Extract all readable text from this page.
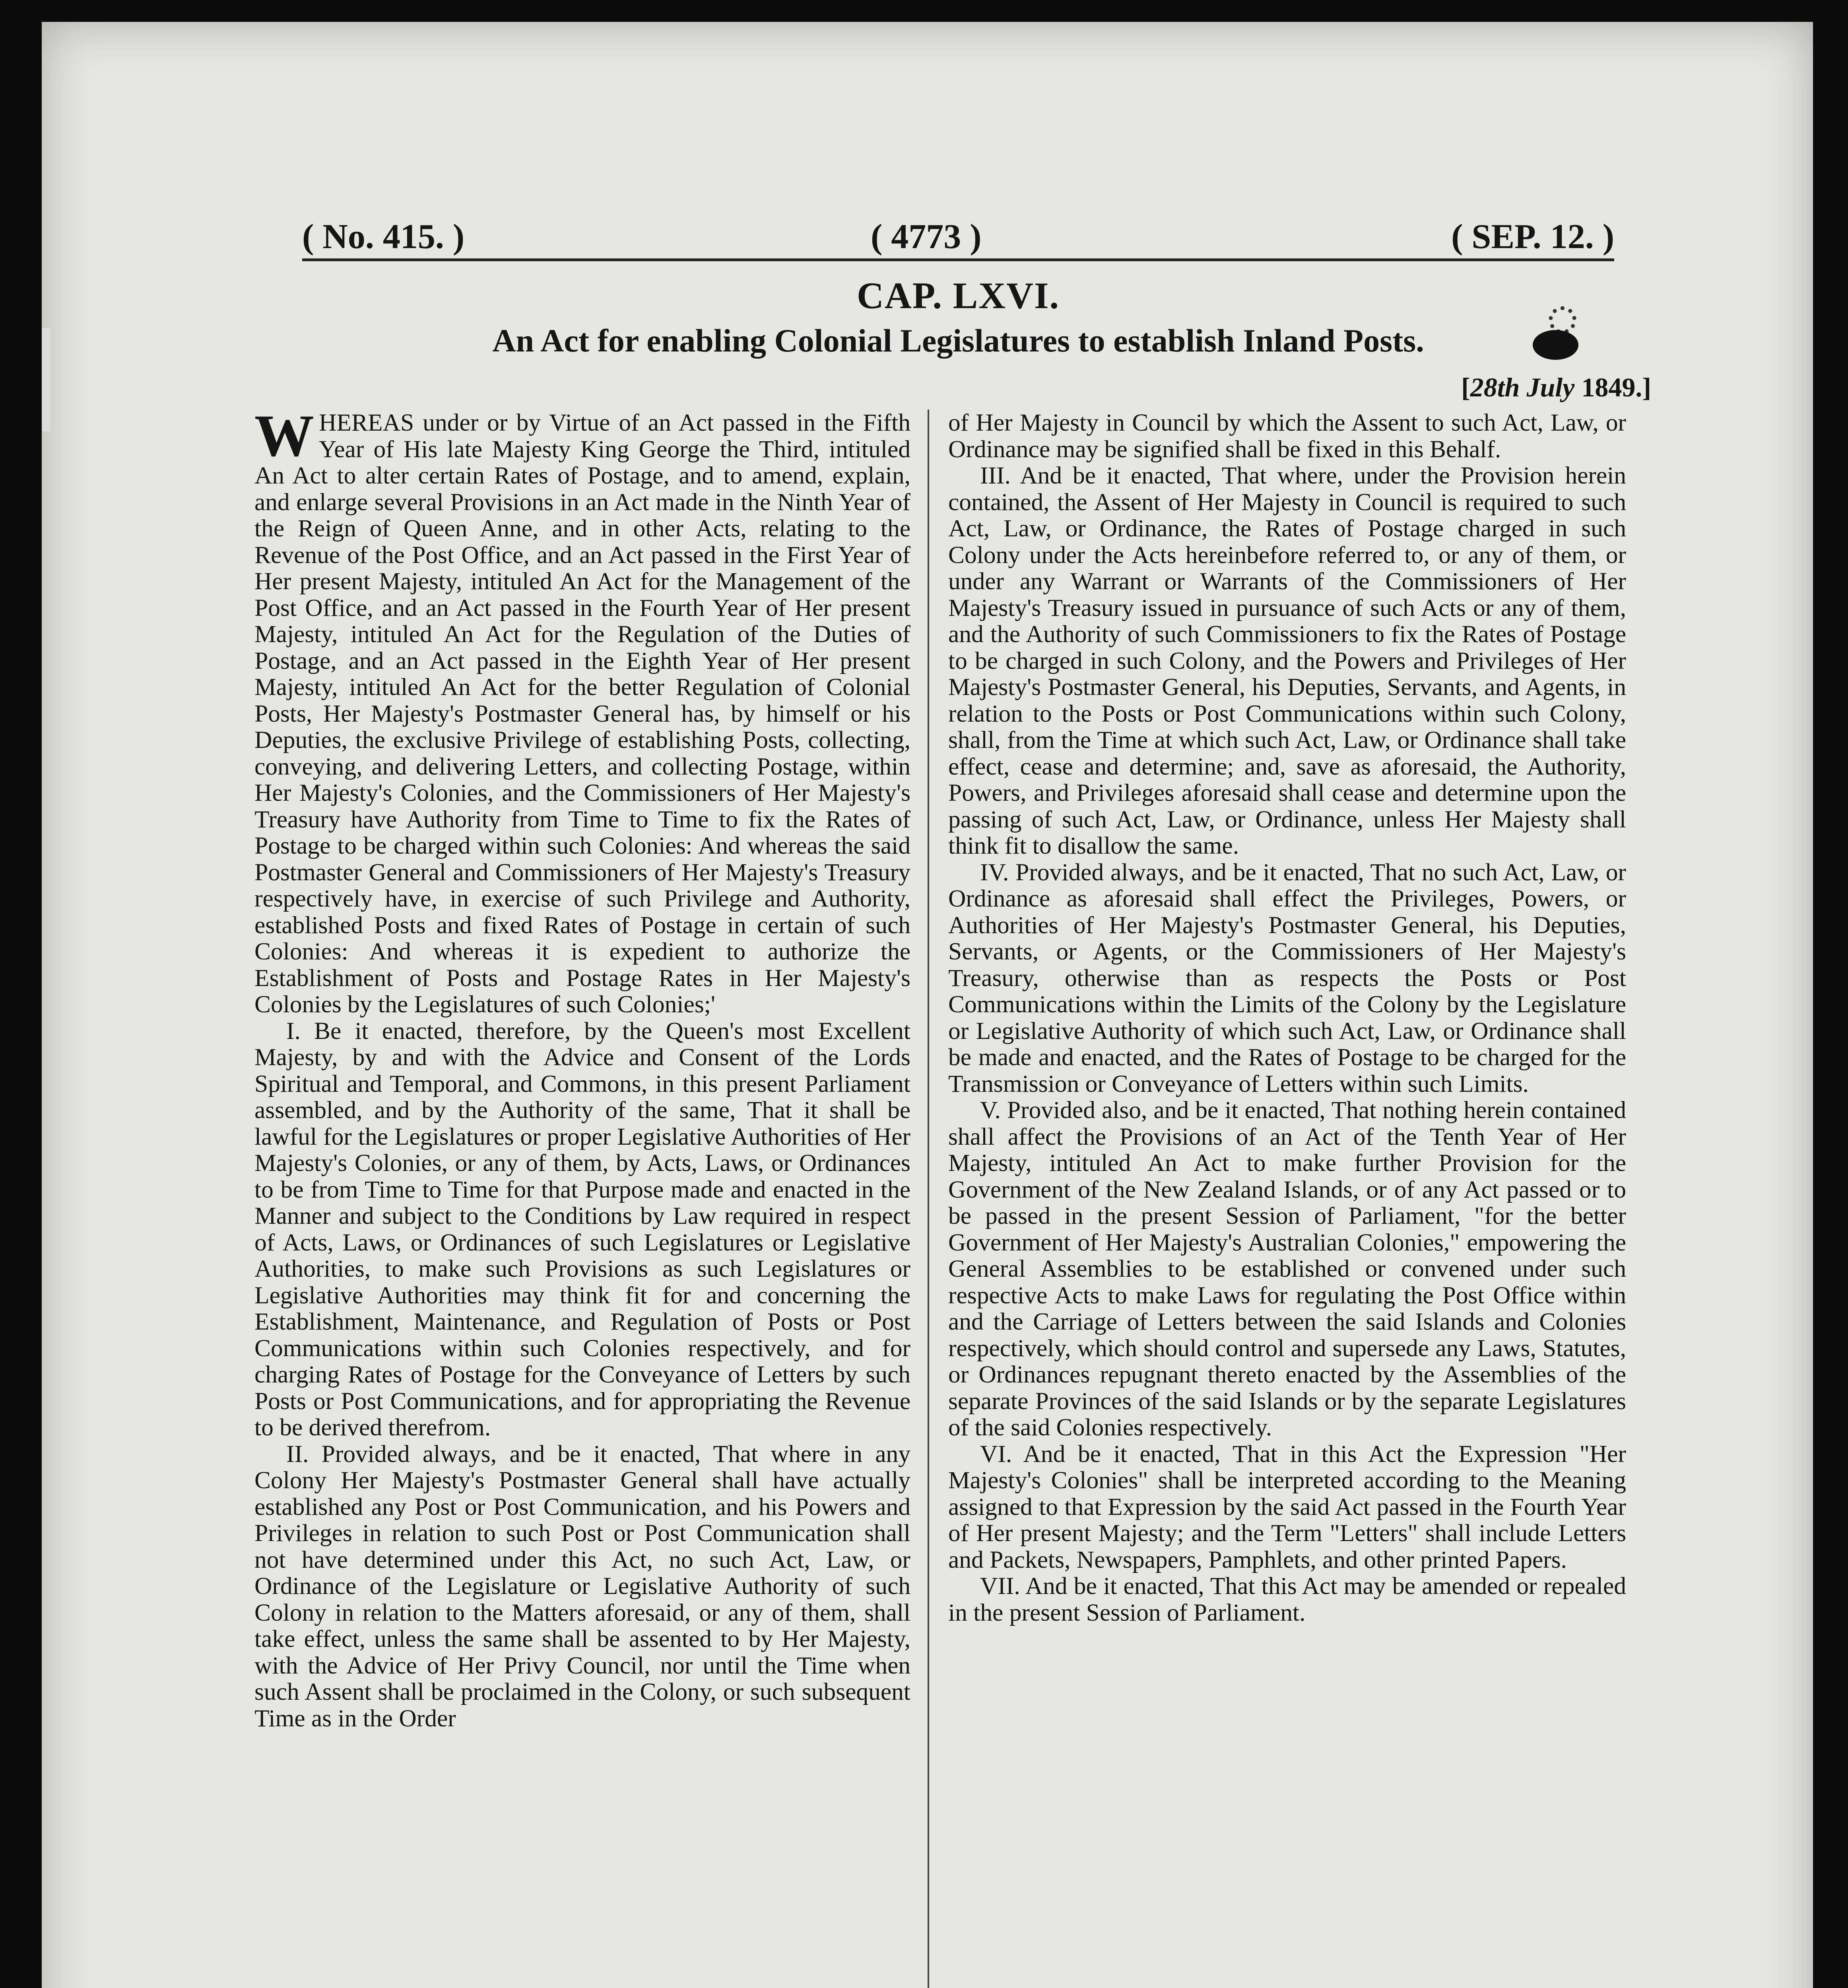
( No. 415. )	( 4773 )	( SEP. 12. )
CAP. LXVI.
An Act for enabling Colonial Legislatures to establish Inland Posts.
[28th July 1849.]

WHEREAS under or by Virtue of an Act passed in the Fifth Year of His late Majesty King George the Third, intituled An Act to alter certain Rates of Postage, and to amend, explain, and enlarge several Provisions in an Act made in the Ninth Year of the Reign of Queen Anne, and in other Acts, relating to the Revenue of the Post Office, and an Act passed in the First Year of Her present Majesty, intituled An Act for the Management of the Post Office, and an Act passed in the Fourth Year of Her present Majesty, intituled An Act for the Regulation of the Duties of Postage, and an Act passed in the Eighth Year of Her present Majesty, intituled An Act for the better Regulation of Colonial Posts, Her Majesty's Postmaster General has, by himself or his Deputies, the exclusive Privilege of establishing Posts, collecting, conveying, and delivering Letters, and collecting Postage, within Her Majesty's Colonies, and the Commissioners of Her Majesty's Treasury have Authority from Time to Time to fix the Rates of Postage to be charged within such Colonies: And whereas the said Postmaster General and Commissioners of Her Majesty's Treasury respectively have, in exercise of such Privilege and Authority, established Posts and fixed Rates of Postage in certain of such Colonies: And whereas it is expedient to authorize the Establishment of Posts and Postage Rates in Her Majesty's Colonies by the Legislatures of such Colonies;'

I. Be it enacted, therefore, by the Queen's most Excellent Majesty, by and with the Advice and Consent of the Lords Spiritual and Temporal, and Commons, in this present Parliament assembled, and by the Authority of the same, That it shall be lawful for the Legislatures or proper Legislative Authorities of Her Majesty's Colonies, or any of them, by Acts, Laws, or Ordinances to be from Time to Time for that Purpose made and enacted in the Manner and subject to the Conditions by Law required in respect of Acts, Laws, or Ordinances of such Legislatures or Legislative Authorities, to make such Provisions as such Legislatures or Legislative Authorities may think fit for and concerning the Establishment, Maintenance, and Regulation of Posts or Post Communications within such Colonies respectively, and for charging Rates of Postage for the Conveyance of Letters by such Posts or Post Communications, and for appropriating the Revenue to be derived therefrom.

II. Provided always, and be it enacted, That where in any Colony Her Majesty's Postmaster General shall have actually established any Post or Post Communication, and his Powers and Privileges in relation to such Post or Post Communication shall not have determined under this Act, no such Act, Law, or Ordinance of the Legislature or Legislative Authority of such Colony in relation to the Matters aforesaid, or any of them, shall take effect, unless the same shall be assented to by Her Majesty, with the Advice of Her Privy Council, nor until the Time when such Assent shall be proclaimed in the Colony, or such subsequent Time as in the Order

of Her Majesty in Council by which the Assent to such Act, Law, or Ordinance may be signified shall be fixed in this Behalf.

III. And be it enacted, That where, under the Provision herein contained, the Assent of Her Majesty in Council is required to such Act, Law, or Ordinance, the Rates of Postage charged in such Colony under the Acts hereinbefore referred to, or any of them, or under any Warrant or Warrants of the Commissioners of Her Majesty's Treasury issued in pursuance of such Acts or any of them, and the Authority of such Commissioners to fix the Rates of Postage to be charged in such Colony, and the Powers and Privileges of Her Majesty's Postmaster General, his Deputies, Servants, and Agents, in relation to the Posts or Post Communications within such Colony, shall, from the Time at which such Act, Law, or Ordinance shall take effect, cease and determine; and, save as aforesaid, the Authority, Powers, and Privileges aforesaid shall cease and determine upon the passing of such Act, Law, or Ordinance, unless Her Majesty shall think fit to disallow the same.

IV. Provided always, and be it enacted, That no such Act, Law, or Ordinance as aforesaid shall effect the Privileges, Powers, or Authorities of Her Majesty's Postmaster General, his Deputies, Servants, or Agents, or the Commissioners of Her Majesty's Treasury, otherwise than as respects the Posts or Post Communications within the Limits of the Colony by the Legislature or Legislative Authority of which such Act, Law, or Ordinance shall be made and enacted, and the Rates of Postage to be charged for the Transmission or Conveyance of Letters within such Limits.

V. Provided also, and be it enacted, That nothing herein contained shall affect the Provisions of an Act of the Tenth Year of Her Majesty, intituled An Act to make further Provision for the Government of the New Zealand Islands, or of any Act passed or to be passed in the present Session of Parliament, "for the better Government of Her Majesty's Australian Colonies," empowering the General Assemblies to be established or convened under such respective Acts to make Laws for regulating the Post Office within and the Carriage of Letters between the said Islands and Colonies respectively, which should control and supersede any Laws, Statutes, or Ordinances repugnant thereto enacted by the Assemblies of the separate Provinces of the said Islands or by the separate Legislatures of the said Colonies respectively.

VI. And be it enacted, That in this Act the Expression "Her Majesty's Colonies" shall be interpreted according to the Meaning assigned to that Expression by the said Act passed in the Fourth Year of Her present Majesty; and the Term "Letters" shall include Letters and Packets, Newspapers, Pamphlets, and other printed Papers.

VII. And be it enacted, That this Act may be amended or repealed in the present Session of Parliament.
